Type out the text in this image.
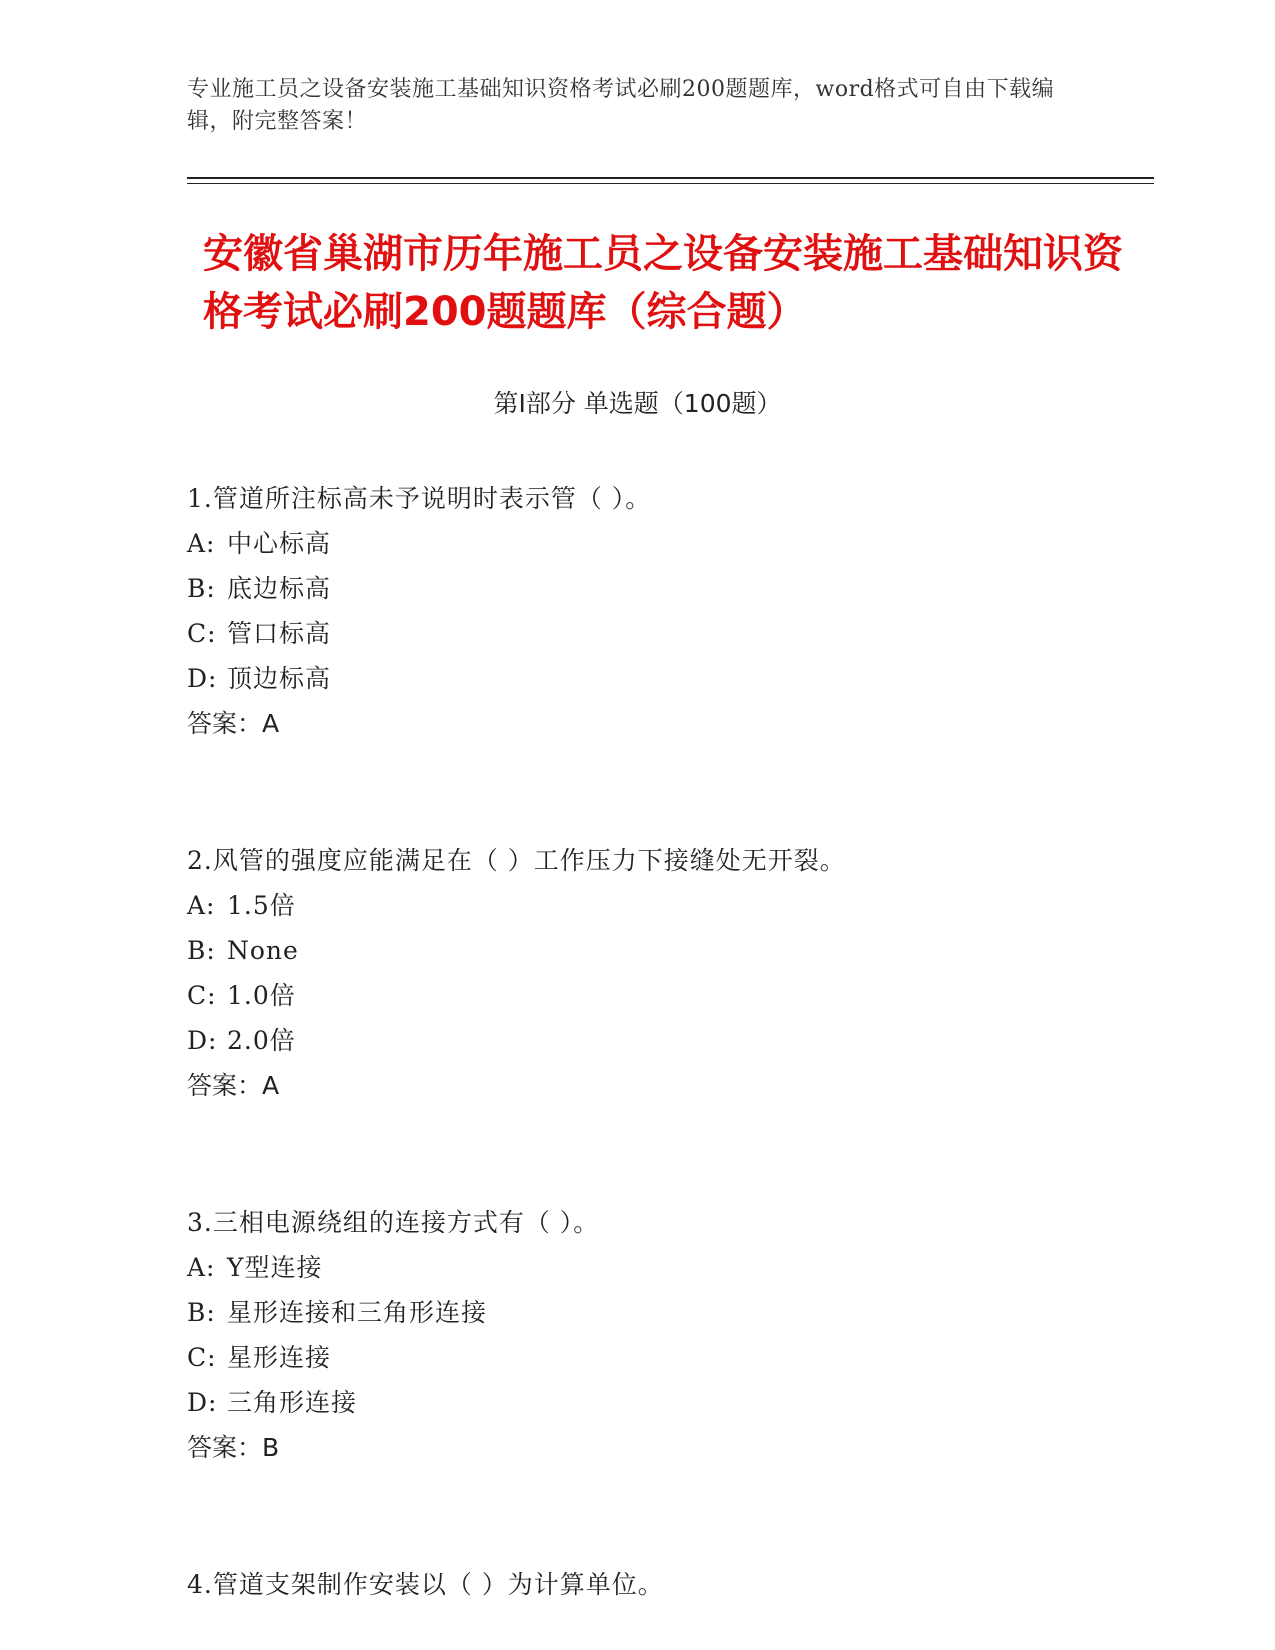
专业施工员之设备安装施工基础知识资格考试必刷200题题库，word格式可自由下载编辑，附完整答案！
安徽省巢湖市历年施工员之设备安装施工基础知识资格考试必刷200题题库（综合题）
第I部分 单选题（100题）
1.管道所注标高未予说明时表示管（ ）。
A: 中心标高
B: 底边标高
C: 管口标高
D: 顶边标高
答案：A
2.风管的强度应能满足在（ ）工作压力下接缝处无开裂。
A: 1.5倍
B: None
C: 1.0倍
D: 2.0倍
答案：A
3.三相电源绕组的连接方式有（ ）。
A: Y型连接
B: 星形连接和三角形连接
C: 星形连接
D: 三角形连接
答案：B
4.管道支架制作安装以（ ）为计算单位。
